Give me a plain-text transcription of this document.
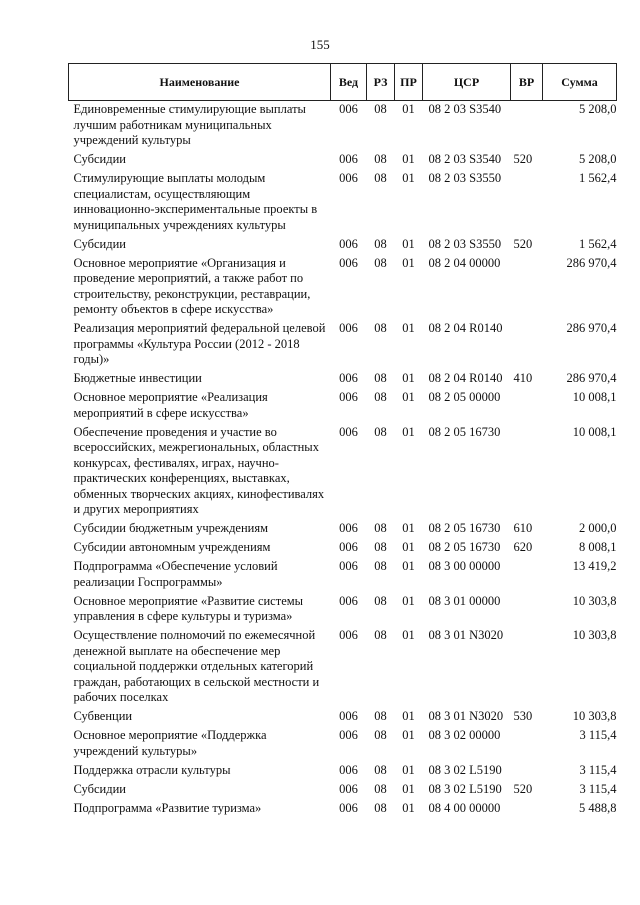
155
Наименование	Вед	РЗ	ПР	ЦСР	ВР	Сумма
Единовременные стимулирующие выплаты лучшим работникам муниципальных учреждений культуры	006	08	01	08 2 03 S3540		5 208,0
Субсидии	006	08	01	08 2 03 S3540	520	5 208,0
Стимулирующие выплаты молодым специалистам, осуществляющим инновационно-экспериментальные проекты в муниципальных учреждениях культуры	006	08	01	08 2 03 S3550		1 562,4
Субсидии	006	08	01	08 2 03 S3550	520	1 562,4
Основное мероприятие «Организация и проведение мероприятий, а также работ по строительству, реконструкции, реставрации, ремонту объектов в сфере искусства»	006	08	01	08 2 04 00000		286 970,4
Реализация мероприятий федеральной целевой программы «Культура России (2012 - 2018 годы)»	006	08	01	08 2 04 R0140		286 970,4
Бюджетные инвестиции	006	08	01	08 2 04 R0140	410	286 970,4
Основное мероприятие «Реализация мероприятий в сфере искусства»	006	08	01	08 2 05 00000		10 008,1
Обеспечение проведения и участие во всероссийских, межрегиональных, областных конкурсах, фестивалях, играх, научно-практических конференциях, выставках, обменных творческих акциях, кинофестивалях и других мероприятиях	006	08	01	08 2 05 16730		10 008,1
Субсидии бюджетным учреждениям	006	08	01	08 2 05 16730	610	2 000,0
Субсидии автономным учреждениям	006	08	01	08 2 05 16730	620	8 008,1
Подпрограмма «Обеспечение условий реализации Госпрограммы»	006	08	01	08 3 00 00000		13 419,2
Основное мероприятие «Развитие системы управления в сфере культуры и туризма»	006	08	01	08 3 01 00000		10 303,8
Осуществление полномочий по ежемесячной денежной выплате на обеспечение мер социальной поддержки отдельных категорий граждан, работающих в сельской местности и рабочих поселках	006	08	01	08 3 01 N3020		10 303,8
Субвенции	006	08	01	08 3 01 N3020	530	10 303,8
Основное мероприятие «Поддержка учреждений культуры»	006	08	01	08 3 02 00000		3 115,4
Поддержка отрасли культуры	006	08	01	08 3 02 L5190		3 115,4
Субсидии	006	08	01	08 3 02 L5190	520	3 115,4
Подпрограмма «Развитие туризма»	006	08	01	08 4 00 00000		5 488,8
